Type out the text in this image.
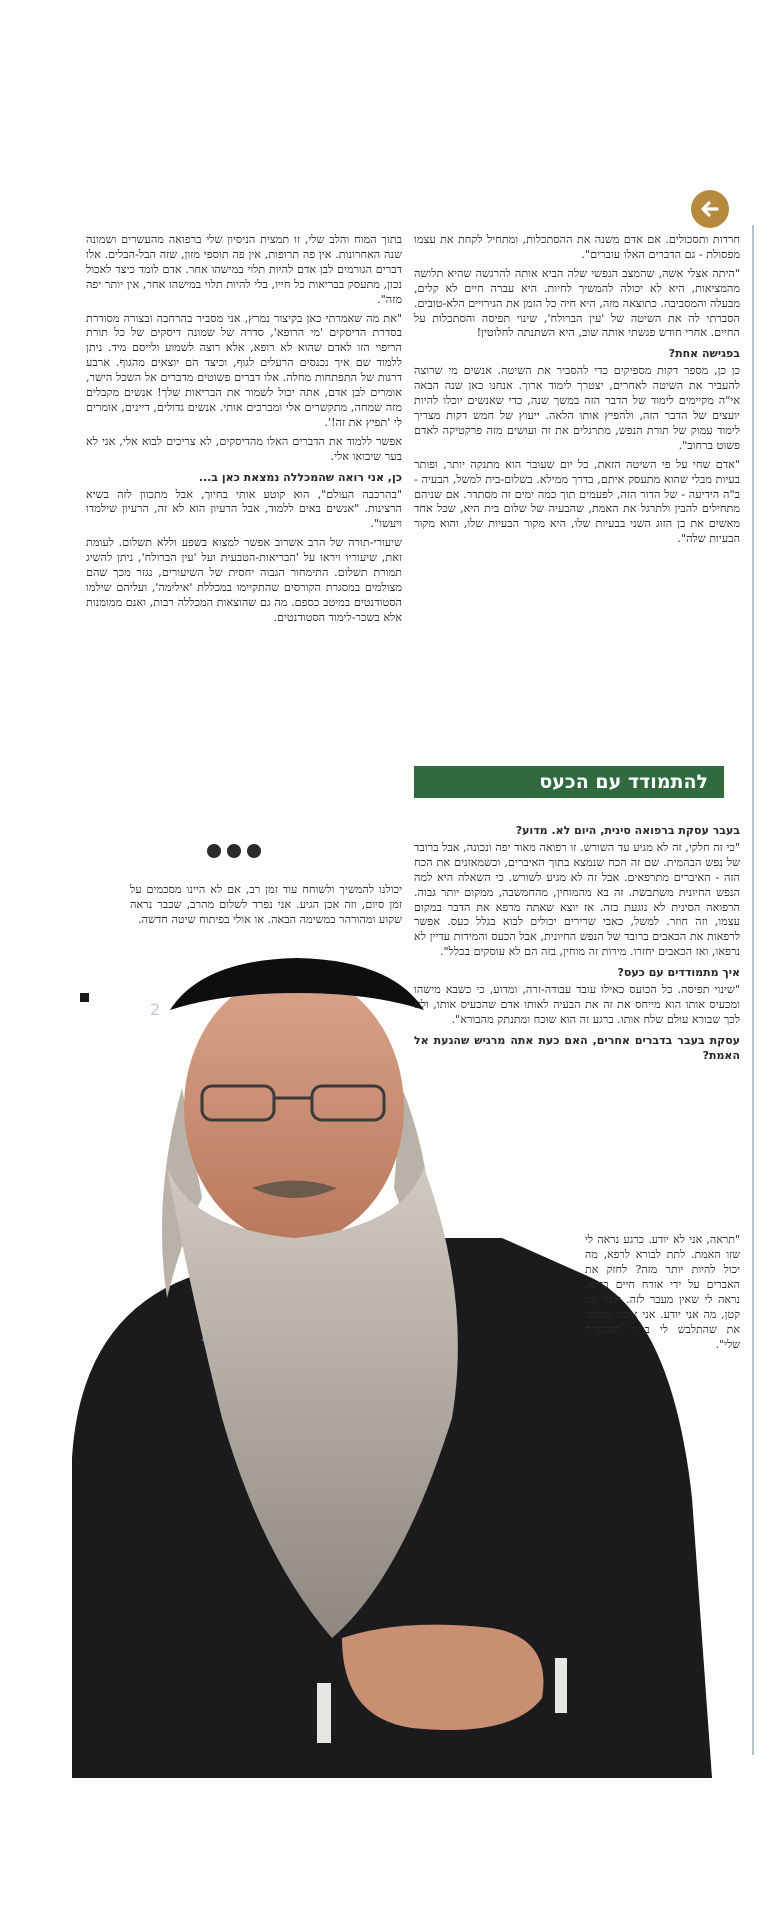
חרדות ותסכולים. אם אדם משנה את ההסתכלות, ומתחיל לקחת את עצמו מפסולת - גם הדברים האלו עוברים".

"היתה אצלי אשה, שהמצב הנפשי שלה הביא אותה להרגשה שהיא תלושה מהמציאות, היא לא יכולה להמשיך לחיות. היא עברה חיים לא קלים, מבעלה והמסביבה. כתוצאה מזה, היא חיה כל הזמן את הגירויים הלא-טובים. הסברתי לה את השיטה של 'עין הברולח', שינוי תפיסה והסתכלות על החיים. אחרי חודש פגשתי אותה שוב, היא השתנתה לחלוטין!

בפגישה אחת?

כן כן, מספר דקות מספיקים כדי להסביר את השיטה. אנשים מי שרוצה להעביר את השיטה לאחרים, יצטרך לימוד ארוך. אנחנו כאן שנה הבאה אי"ה מקיימים לימוד של הדבר הזה במשך שנה, כדי שאנשים יוכלו להיות יועצים של הדבר הזה, ולהפיץ אותו הלאה. ייעוץ של חמש דקות מצריך לימוד עמוק של תורת הנפש, מתרגלים את זה ועושים מזה פרקטיקה לאדם פשוט ברחוב".

"אדם שחי על פי השיטה הזאת, כל יום שעובר הוא מתנקה יותר, ופותר בעיות מבלי שהוא מתעסק איתם, בדרך ממילא. בשלום-בית למשל, הבעיה - ב"ה הידיעה - של הדור הזה, לפעמים תוך כמה ימים זה מסתדר. אם שניהם מתחילים להבין ולתרגל את האמת, שהבעיה של שלום בית היא, שכל אחד מאשים את בן הזוג השני בבעיות שלו, היא מקור הבעיות שלו, והוא מקור הבעיות שלה".

בתוך המוח והלב שלי, זו תמצית הניסיון שלי ברפואה מהעשרים ושמונה שנה האחרונות. אין פה תרופות, אין פה תוספי מזון, שזה הבל-הבלים. אלו דברים הגורמים לבן אדם להיות תלוי במישהו אחר. אדם לומד כיצד לאכול נכון, מתעסק בבריאות כל חייו, בלי להיות תלוי במישהו אחר, אין יותר יפה מזה".

"את מה שאמרתי כאן בקיצור נמרץ, אני מסביר בהרחבה ובצורה מסודרת בסדרת הדיסקים 'מי הרופא', סדרה של שמונה דיסקים של כל תורת הריפוי הזו לאדם שהוא לא רופא, אלא רוצה לשמוע ולייסם מיד. ניתן ללמוד שם איך נכנסים הרעלים לגוף, וכיצד הם יוצאים מהגוף. ארבע דרגות של התפתחות מחלה. אלו דברים פשוטים מדברים אל השכל הישר, אומרים לבן אדם, אתה יכול לשמור את הבריאות שלך! אנשים מקבלים מזה שמחה, מתקשרים אלי ומברכים אותי. אנשים גדולים, דיינים, אומרים לי 'תפיץ את זה!'.

אפשר ללמוד את הדברים האלו מהדיסקים, לא צריכים לבוא אלי, אני לא בער שיבואו אלי.

כן, אני רואה שהמכללה נמצאת כאן ב...

"בהרכבה העולם", הוא קוטע אותי בחיוך, אבל מתכוון לזה בשיא הרצינות. "אנשים באים ללמוד, אבל הרעיון הוא לא זה, הרעיון שילמדו ויעשו".

שיעורי-תורה של הרב אשרוב אפשר למצוא בשפע וללא תשלום. לעומת זאת, שיעוריו ויראו על 'הבריאות-הטבעית ועל 'עין הברולח', ניתן להשיג תמורת תשלום. התימחור הגבוה יחסית של השיעורים, נגזר מכך שהם מצולמים במסגרת הקורסים שהתקיימו במכללת 'אילימה', ועליהם שילמו הסטודנטים במיטב כספם. מה גם שהוצאות המכללה רבות, ואנם ממומנות אלא בשכר-לימוד הסטודנטים.

להתמודד עם הכעס

יכולנו להמשיך ולשוחח עוד זמן רב, אם לא היינו מסכמים על זמן סיום, וזה אכן הגיע. אני נפרד לשלום מהרב, שכבר נראה שקוע ומהורהר במשימה הבאה. או אולי בפיתוח שיטה חדשה.

בעבר עסקת ברפואה סינית, היום לא. מדוע?

"כי זה חלקי, זה לא מגיע עד השורש. זו רפואה מאוד יפה ונכונה, אבל ברובד של נפש הבהמית. שם זה הכח שנמצא בתוך האיברים, וכשמאזנים את הכח הזה - האיברים מתרפאים. אבל זה לא מגיע לשורש. כי השאלה היא למה הנפש החיונית משתבשת. זה בא מהמוחין, מהחמשבה, ממקום יותר גבוה. הרפואה הסינית לא נוגעת בזה. אז יוצא שאתה מרפא את הדבר במקום עצמו, וזה חוזר. למשל, כאבי שרירים יכולים לבוא בגלל כעס. אפשר לרפאות את הכאבים ברובד של הנפש החיונית, אבל הכעס והמידות עדיין לא נרפאו, ואז הכאבים יחזרו. מירות זה מוחין, בזה הם לא עוסקים בכלל".

איך מתמודדים עם כעס?

"שינוי תפיסה. כל הכועס כאילו עובד עבודה-זרה, ומדוע, כי כשבא מישהו ומכעיס אותו הוא מייחס את זה את הבעיה לאותו אדם שהכעיס אותו, ולא לכך שבורא עולם שלח אותו. ברגע זה הוא שוכח ומתנתק מהבורא".

עסקת בעבר בדברים אחרים, האם כעת אתה מרגיש שהגעת אל האמת?

"תראה, אני לא יודע. כרגע נראה לי שזו האמת. לתת לבורא לרפא, מה יכול להיות יותר מזה? לחזק את האברים על ידי אורח חיים בריא, נראה לי שאין מעבר לזה. אבל אני קטן, מה אני יודע. אני אומר ומלמד את שהתלבש לי בתוך המסגרת שלי".

2
~
